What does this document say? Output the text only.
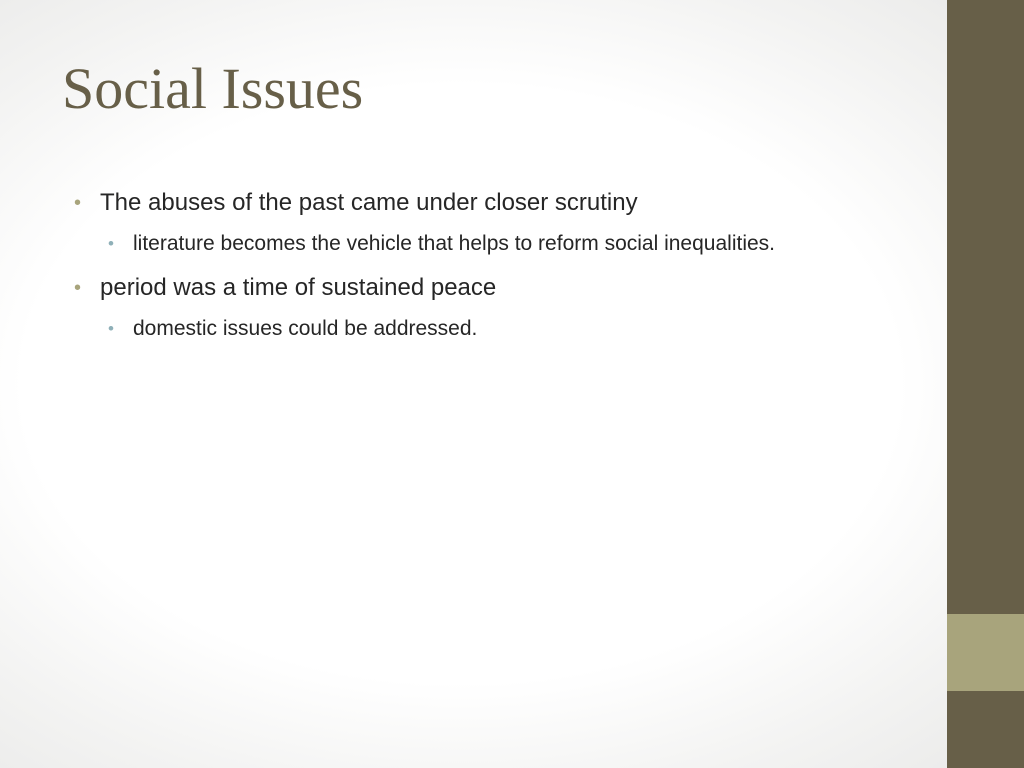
Social Issues
• The abuses of the past came under closer scrutiny
• literature becomes the vehicle that helps to reform social inequalities.
• period was a time of sustained peace
• domestic issues could be addressed.
